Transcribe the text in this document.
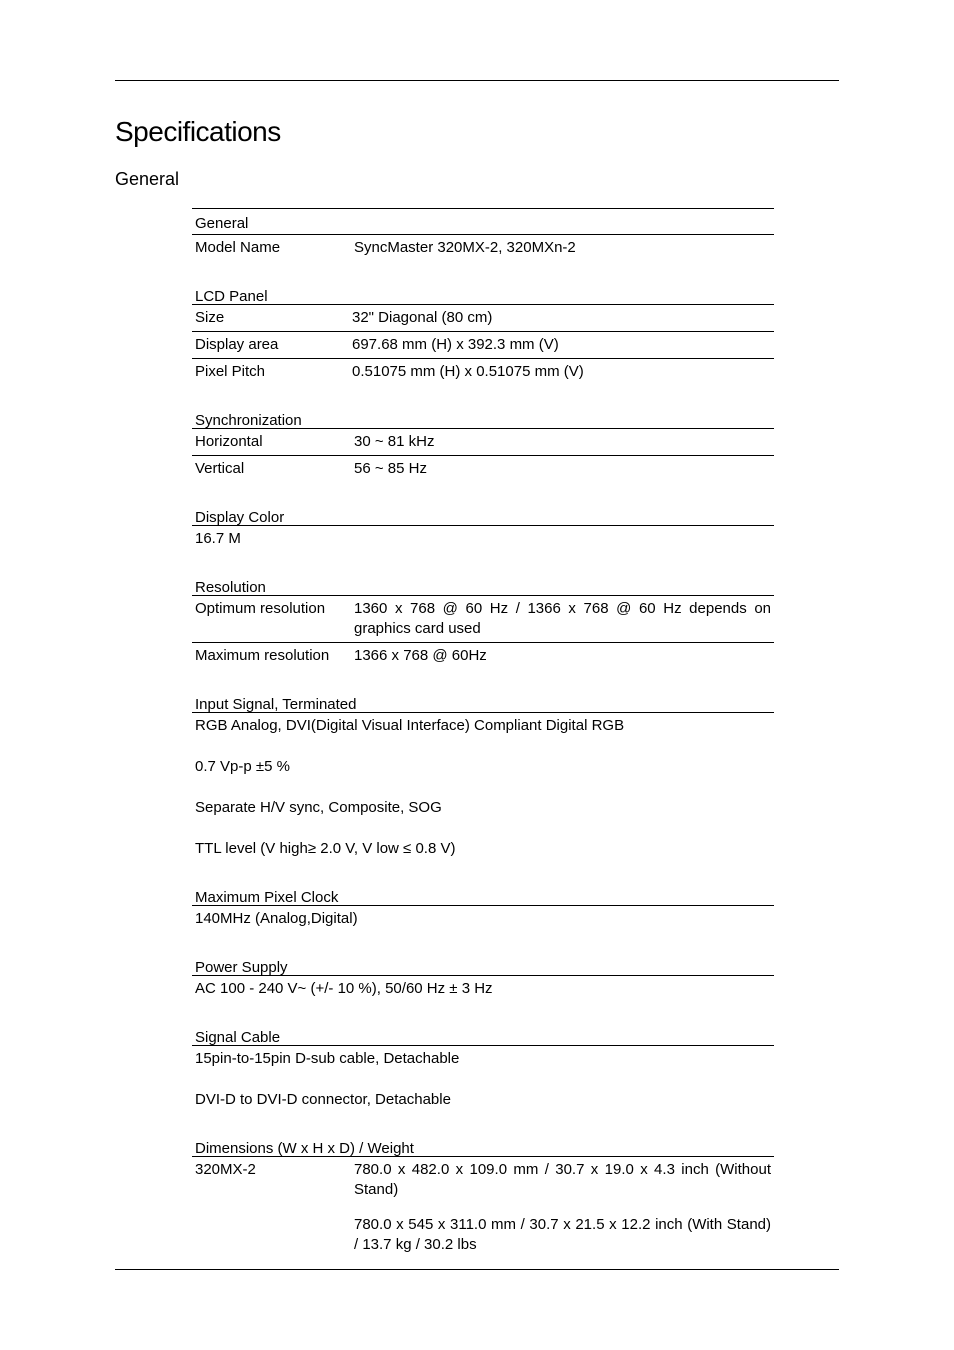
Specifications
General
General
Model Name	SyncMaster 320MX-2, 320MXn-2
LCD Panel
Size	32" Diagonal (80 cm)
Display area	697.68 mm (H) x 392.3 mm (V)
Pixel Pitch	0.51075 mm (H) x 0.51075 mm (V)
Synchronization
Horizontal	30 ~ 81 kHz
Vertical	56 ~ 85 Hz
Display Color
16.7 M
Resolution
Optimum resolution	1360 x 768 @ 60 Hz / 1366 x 768 @ 60 Hz depends on graphics card used
Maximum resolution	1366 x 768 @ 60Hz
Input Signal, Terminated
RGB Analog, DVI(Digital Visual Interface) Compliant Digital RGB
0.7 Vp-p ±5 %
Separate H/V sync, Composite, SOG
TTL level (V high≥ 2.0 V, V low ≤ 0.8 V)
Maximum Pixel Clock
140MHz (Analog,Digital)
Power Supply
AC 100 - 240 V~ (+/- 10 %), 50/60 Hz ± 3 Hz
Signal Cable
15pin-to-15pin D-sub cable, Detachable
DVI-D to DVI-D connector, Detachable
Dimensions (W x H x D) / Weight
320MX-2	780.0 x 482.0 x 109.0 mm / 30.7 x 19.0 x 4.3 inch (Without Stand)

780.0 x 545 x 311.0 mm / 30.7 x 21.5 x 12.2 inch (With Stand) / 13.7 kg / 30.2 lbs
